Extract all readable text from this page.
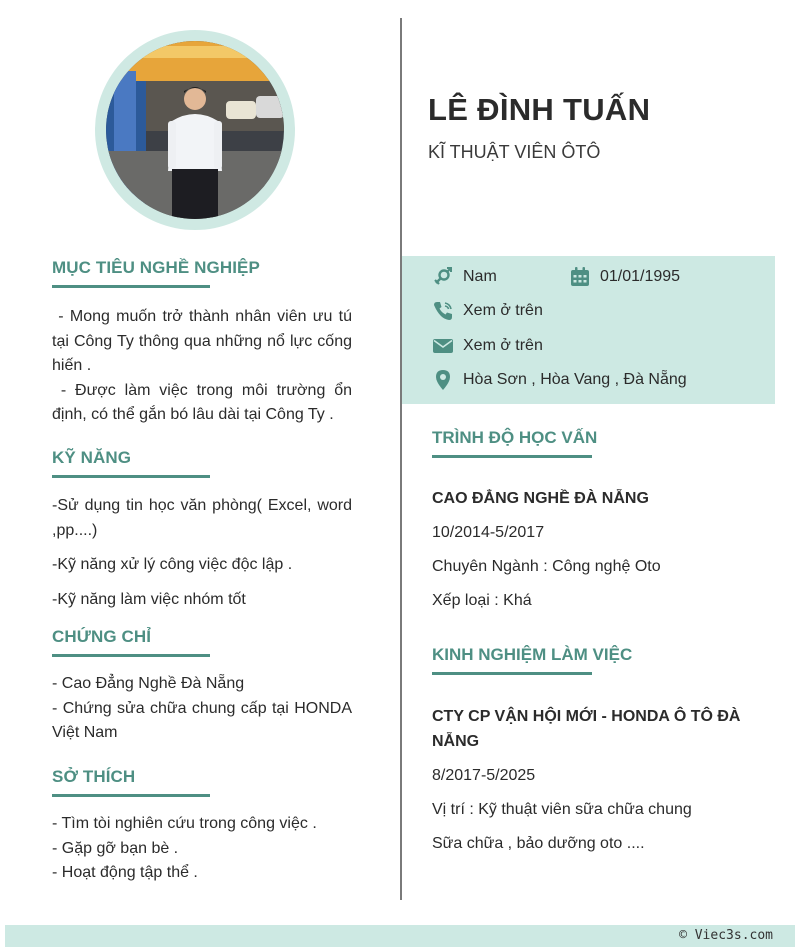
MỤC TIÊU NGHỀ NGHIỆP
- Mong muốn trở thành nhân viên ưu tú tại Công Ty thông qua những nổ lực cống hiến .
- Được làm việc trong môi trường ổn định, có thể gắn bó lâu dài tại Công Ty .
KỸ NĂNG
-Sử dụng tin học văn phòng( Excel, word ,pp....)
-Kỹ năng xử lý công việc độc lập .
-Kỹ năng làm việc nhóm tốt
CHỨNG CHỈ
- Cao Đẳng Nghề Đà Nẵng
- Chứng sửa chữa chung cấp tại HONDA Việt Nam
SỞ THÍCH
- Tìm tòi nghiên cứu trong công việc .
- Gặp gỡ bạn bè .
- Hoạt động tập thể .
LÊ ĐÌNH TUẤN
KĨ THUẬT VIÊN ÔTÔ
Nam	01/01/1995
Xem ở trên
Xem ở trên
Hòa Sơn , Hòa Vang , Đà Nẵng
TRÌNH ĐỘ HỌC VẤN
CAO ĐẲNG NGHỀ ĐÀ NẴNG
10/2014-5/2017
Chuyên Ngành : Công nghệ Oto
Xếp loại : Khá
KINH NGHIỆM LÀM VIỆC
CTY CP VẬN HỘI MỚI - HONDA Ô TÔ ĐÀ NẴNG
8/2017-5/2025
Vị trí : Kỹ thuật viên sữa chữa chung
Sữa chữa , bảo dưỡng oto ....
© Viec3s.com
